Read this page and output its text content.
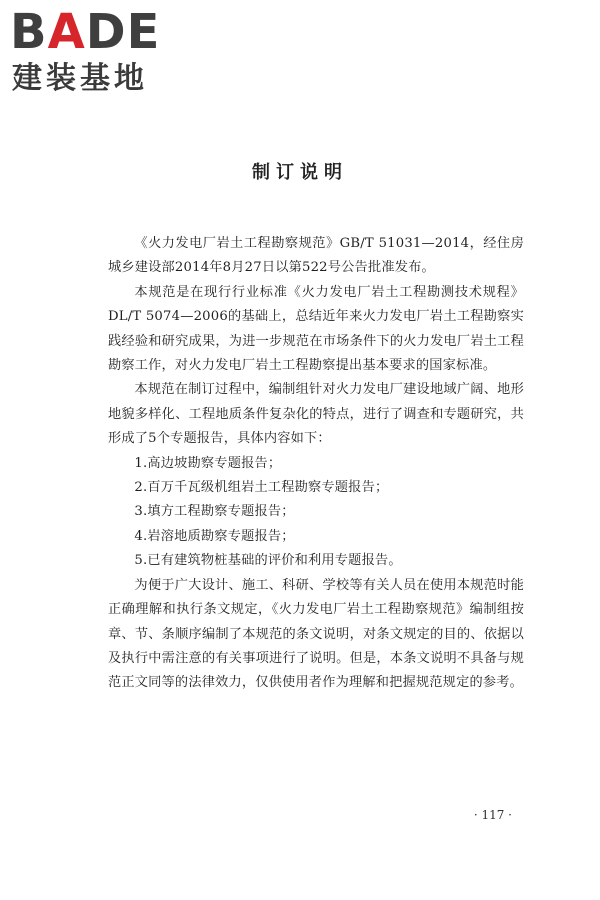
BADE
建装基地
制订说明

《火力发电厂岩土工程勘察规范》GB/T 51031—2014，经住房城乡建设部2014年8月27日以第522号公告批准发布。

本规范是在现行行业标准《火力发电厂岩土工程勘测技术规程》DL/T 5074—2006的基础上，总结近年来火力发电厂岩土工程勘察实践经验和研究成果，为进一步规范在市场条件下的火力发电厂岩土工程勘察工作，对火力发电厂岩土工程勘察提出基本要求的国家标准。

本规范在制订过程中，编制组针对火力发电厂建设地域广阔、地形地貌多样化、工程地质条件复杂化的特点，进行了调查和专题研究，共形成了5个专题报告，具体内容如下：

1.高边坡勘察专题报告；
2.百万千瓦级机组岩土工程勘察专题报告；
3.填方工程勘察专题报告；
4.岩溶地质勘察专题报告；
5.已有建筑物桩基础的评价和利用专题报告。

为便于广大设计、施工、科研、学校等有关人员在使用本规范时能正确理解和执行条文规定，《火力发电厂岩土工程勘察规范》编制组按章、节、条顺序编制了本规范的条文说明，对条文规定的目的、依据以及执行中需注意的有关事项进行了说明。但是，本条文说明不具备与规范正文同等的法律效力，仅供使用者作为理解和把握规范规定的参考。

· 117 ·
